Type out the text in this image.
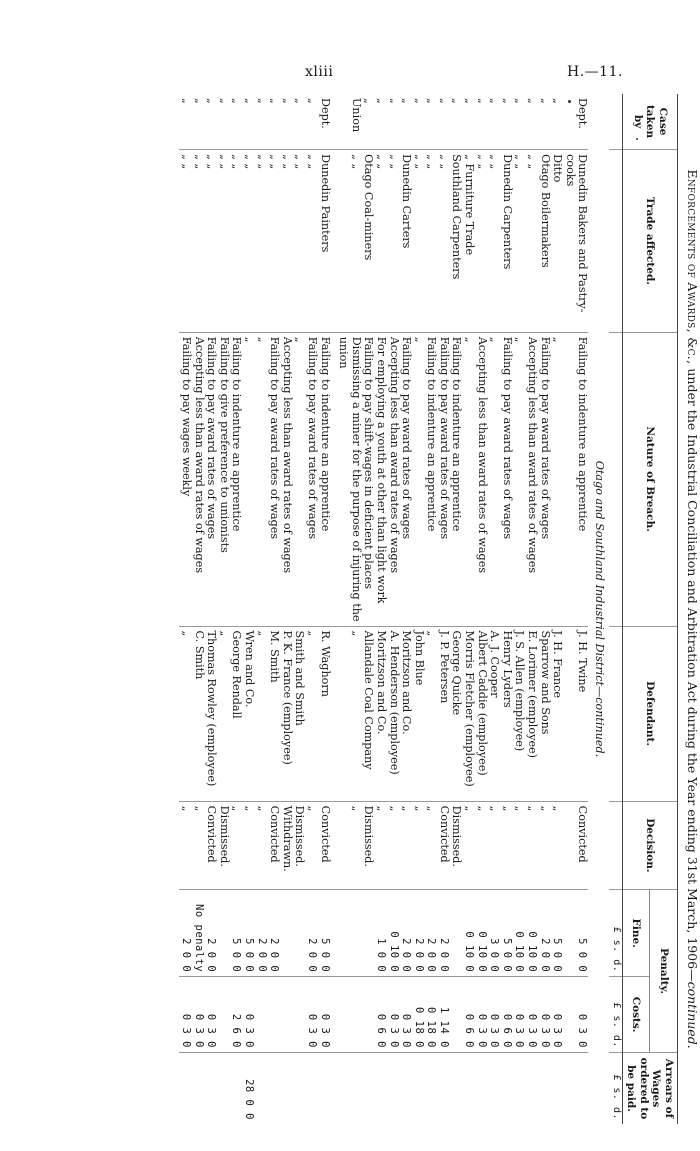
xliii	H.—11.
Enforcements of Awards, &c., under the Industrial Conciliation and Arbitration Act during the Year ending 31st March, 1906—continued.
Case taken by	Trade affected.	Nature of Breach.	Defendant.	Decision.	Penalty.		Arrears of Wages ordered to be paid.
					Fine.	Costs.	
					£ s. d.	£ s. d.	£ s. d.
Otago and Southland Industrial District—continued.							
Dept.	Dunedin Bakers and Pastry-	Failing to indenture an apprentice	J. H. Twine	Convicted	5 0 0	0 3 0	
	cooks						
„	Ditto	„	J. H. France	„	5 0 0	0 3 0	
„	Otago Boilermakers	Failing to pay award rates of wages	Sparrow and Sons	„	2 0 0	0 3 0	
„	„ „	Accepting less than award rates of wages	E. Lorimer (employee)	„	0 10 0	0 3 0	
„	„ „	„	J. S. Allen (employee)	„	0 10 0	0 3 0	
„	Dunedin Carpenters	Failing to pay award rates of wages	Henry Lyders	„	5 0 0	0 6 0	
„	„ „	„	A. J. Cooper	„	3 0 0	0 3 0	
„	„ „	Accepting less than award rates of wages	Albert Caddie (employee)	„	0 10 0	0 3 0	
„	„ Furniture Trade	„	Morris Fletcher (employee)	„	0 10 0	0 6 0	
„	Southland Carpenters	Failing to indenture an apprentice	George Quicke	Dismissed.			
„	„ „	Failing to pay award rates of wages	J. P. Petersen	Convicted	2 0 0	1 14 0	
„	„ „	Failing to indenture an apprentice	„	„	2 0 0	0 18 0	
„	„ „	„	John Blue	„	2 0 0	0 18 0	
„	Dunedin Carters	Failing to pay award rates of wages	Moritzson and Co.	„	2 0 0	0 3 0	
„	„ „	Accepting less than award rates of wages	A. Henderson (employee)	„	0 10 0	0 3 0	
„	„ „	For employing a youth at other than light work	Moritzson and Co.	„	1 0 0	0 6 0	
„	Otago Coal-miners	Failing to pay shift-wages in deficient places	Allandale Coal Company	Dismissed.			
Union	„ „	Dismissing a miner for the purpose of injuring the	„	„			
		union					

Dept.	Dunedin Painters	Failing to indenture an apprentice	R. Waghorn	Convicted	5 0 0	0 3 0	
„	„ „	Failing to pay award rates of wages	„	„	2 0 0	0 3 0	
„	„ „	„	Smith and Smith	Dismissed.			
„	„ „	Accepting less than award rates of wages	P. K. France (employee)	Withdrawn.			
„	„ „	Failing to pay award rates of wages	M. Smith	Convicted	2 0 0		
„	„ „	„	„	„	2 0 0		
„	„ „	„	Wren and Co.	„	5 0 0	0 3 0	28 0 0
„	„ „	Failing to indenture an apprentice	George Rendall	„	5 0 0	2 6 0	
„	„ „	Failing to give preference to unionists	„	Dismissed.			
„	„ „	Failing to pay award rates of wages	Thomas Rowley (employee)	Convicted	2 0 0	0 3 0	
„	„ „	Accepting less than award rates of wages	C. Smith	„	No penalty	0 3 0	
„	„ „	Failing to pay wages weekly	„	„	2 0 0	0 3 0	
